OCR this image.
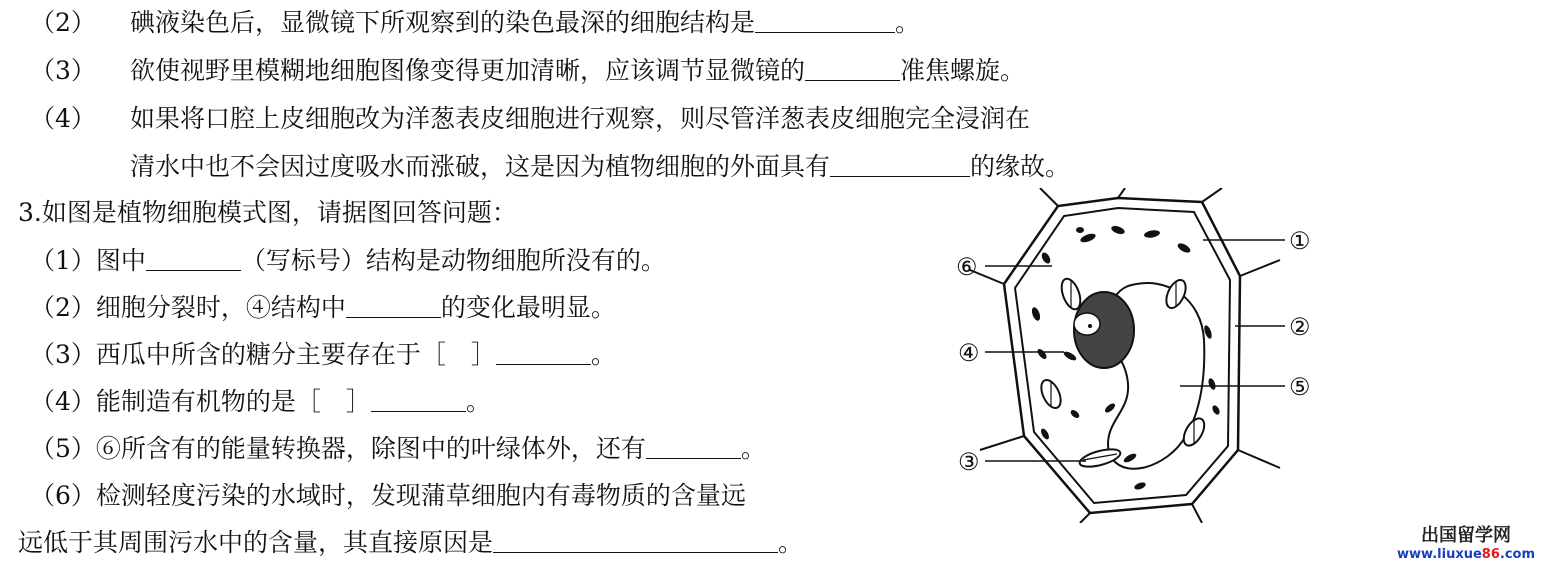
（2） 碘液染色后，显微镜下所观察到的染色最深的细胞结构是	。
（3） 欲使视野里模糊地细胞图像变得更加清晰，应该调节显微镜的	准焦螺旋。
（4） 如果将口腔上皮细胞改为洋葱表皮细胞进行观察，则尽管洋葱表皮细胞完全浸润在
清水中也不会因过度吸水而涨破，这是因为植物细胞的外面具有	的缘故。
3.如图是植物细胞模式图，请据图回答问题：
（1）图中	（写标号）结构是动物细胞所没有的。
（2）细胞分裂时，④结构中	的变化最明显。
（3）西瓜中所含的糖分主要存在于［　］	。
（4）能制造有机物的是［　］	。
（5）⑥所含有的能量转换器，除图中的叶绿体外，还有	。
（6）检测轻度污染的水域时，发现蒲草细胞内有毒物质的含量远
远低于其周围污水中的含量，其直接原因是	。
①
②
③
④
⑤
⑥
出国留学网
www.liuxue86.com
